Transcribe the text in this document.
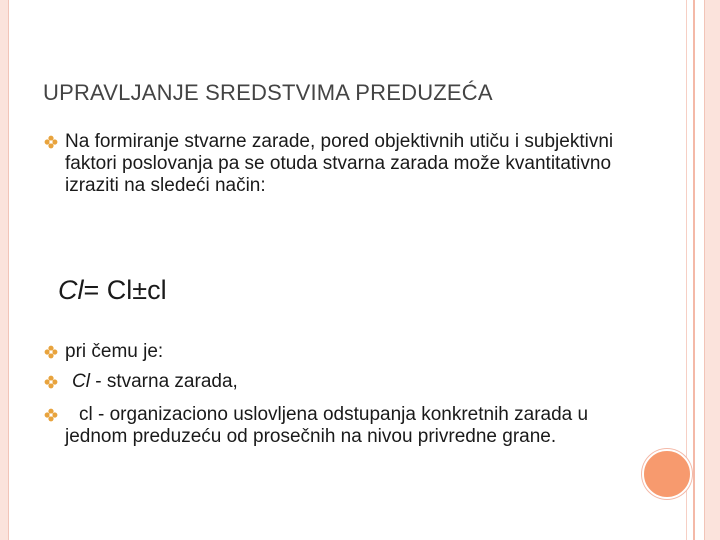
UPRAVLJANJE SREDSTVIMA PREDUZEĆA
Na formiranje stvarne zarade, pored objektivnih utiču i subjektivni faktori poslovanja pa se otuda stvarna zarada može kvantitativno izraziti na sledeći način:
Cl= Cl±cl
pri čemu je:
Cl - stvarna zarada,
cl - organizaciono uslovljena odstupanja konkretnih zarada u jednom preduzeću od prosečnih na nivou privredne grane.
